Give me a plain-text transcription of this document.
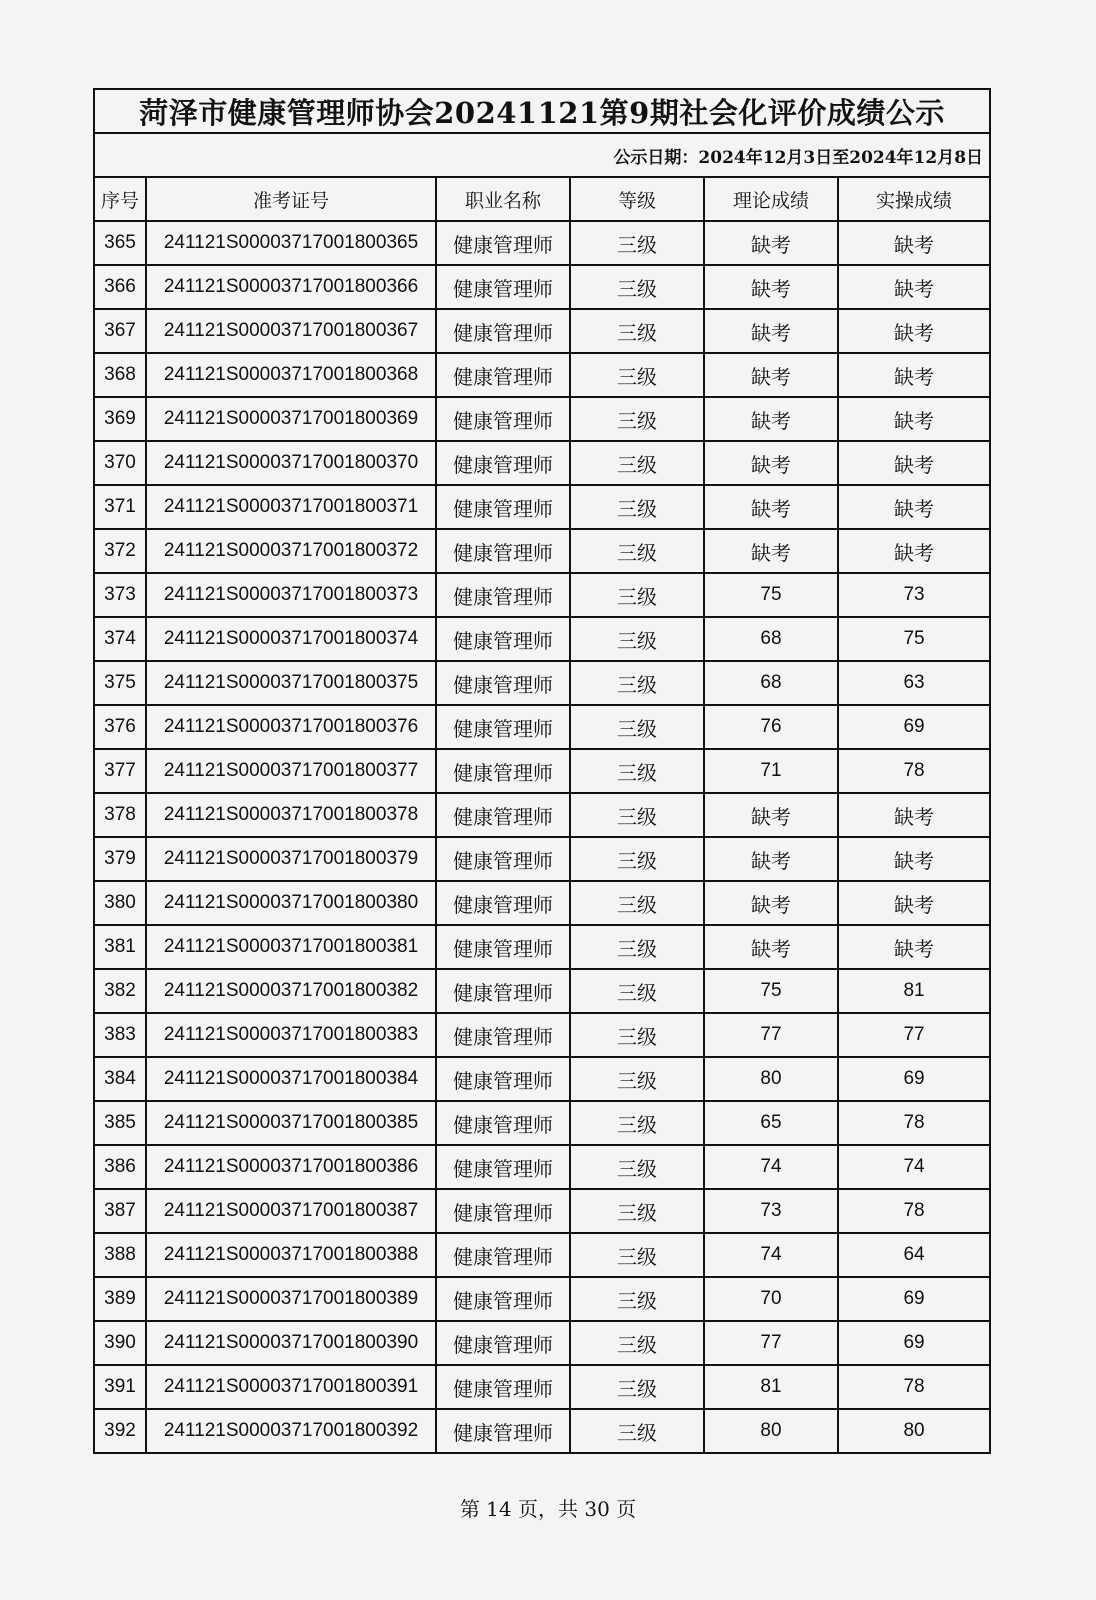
菏泽市健康管理师协会20241121第9期社会化评价成绩公示					
公示日期：2024年12月3日至2024年12月8日					
序号	准考证号	职业名称	等级	理论成绩	实操成绩
365	241121S00003717001800365	健康管理师	三级	缺考	缺考
366	241121S00003717001800366	健康管理师	三级	缺考	缺考
367	241121S00003717001800367	健康管理师	三级	缺考	缺考
368	241121S00003717001800368	健康管理师	三级	缺考	缺考
369	241121S00003717001800369	健康管理师	三级	缺考	缺考
370	241121S00003717001800370	健康管理师	三级	缺考	缺考
371	241121S00003717001800371	健康管理师	三级	缺考	缺考
372	241121S00003717001800372	健康管理师	三级	缺考	缺考
373	241121S00003717001800373	健康管理师	三级	75	73
374	241121S00003717001800374	健康管理师	三级	68	75
375	241121S00003717001800375	健康管理师	三级	68	63
376	241121S00003717001800376	健康管理师	三级	76	69
377	241121S00003717001800377	健康管理师	三级	71	78
378	241121S00003717001800378	健康管理师	三级	缺考	缺考
379	241121S00003717001800379	健康管理师	三级	缺考	缺考
380	241121S00003717001800380	健康管理师	三级	缺考	缺考
381	241121S00003717001800381	健康管理师	三级	缺考	缺考
382	241121S00003717001800382	健康管理师	三级	75	81
383	241121S00003717001800383	健康管理师	三级	77	77
384	241121S00003717001800384	健康管理师	三级	80	69
385	241121S00003717001800385	健康管理师	三级	65	78
386	241121S00003717001800386	健康管理师	三级	74	74
387	241121S00003717001800387	健康管理师	三级	73	78
388	241121S00003717001800388	健康管理师	三级	74	64
389	241121S00003717001800389	健康管理师	三级	70	69
390	241121S00003717001800390	健康管理师	三级	77	69
391	241121S00003717001800391	健康管理师	三级	81	78
392	241121S00003717001800392	健康管理师	三级	80	80
第 14 页，共 30 页
